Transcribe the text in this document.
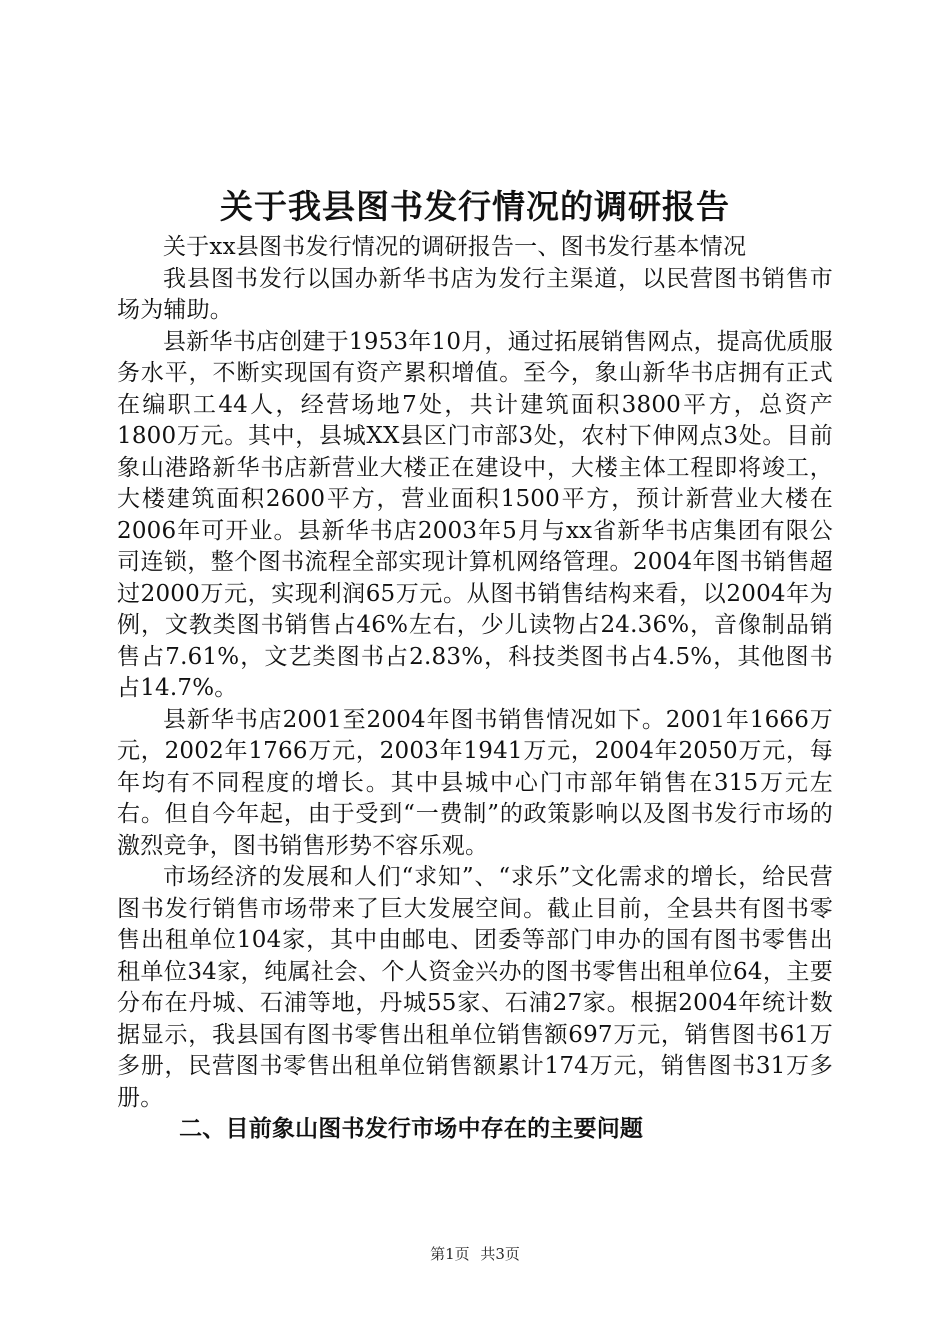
关于我县图书发行情况的调研报告

关于xx县图书发行情况的调研报告一、图书发行基本情况

我县图书发行以国办新华书店为发行主渠道，以民营图书销售市场为辅助。

县新华书店创建于1953年10月，通过拓展销售网点，提高优质服务水平，不断实现国有资产累积增值。至今，象山新华书店拥有正式在编职工44人，经营场地7处，共计建筑面积3800平方，总资产1800万元。其中，县城XX县区门市部3处，农村下伸网点3处。目前象山港路新华书店新营业大楼正在建设中，大楼主体工程即将竣工，大楼建筑面积2600平方，营业面积1500平方，预计新营业大楼在2006年可开业。县新华书店2003年5月与xx省新华书店集团有限公司连锁，整个图书流程全部实现计算机网络管理。2004年图书销售超过2000万元，实现利润65万元。从图书销售结构来看，以2004年为例，文教类图书销售占46%左右，少儿读物占24.36%，音像制品销售占7.61%，文艺类图书占2.83%，科技类图书占4.5%，其他图书占14.7%。

县新华书店2001至2004年图书销售情况如下。2001年1666万元，2002年1766万元，2003年1941万元，2004年2050万元，每年均有不同程度的增长。其中县城中心门市部年销售在315万元左右。但自今年起，由于受到“一费制”的政策影响以及图书发行市场的激烈竞争，图书销售形势不容乐观。

市场经济的发展和人们“求知”、“求乐”文化需求的增长，给民营图书发行销售市场带来了巨大发展空间。截止目前，全县共有图书零售出租单位104家，其中由邮电、团委等部门申办的国有图书零售出租单位34家，纯属社会、个人资金兴办的图书零售出租单位64，主要分布在丹城、石浦等地，丹城55家、石浦27家。根据2004年统计数据显示，我县国有图书零售出租单位销售额697万元，销售图书61万多册，民营图书零售出租单位销售额累计174万元，销售图书31万多册。

二、目前象山图书发行市场中存在的主要问题

第1页 共3页
